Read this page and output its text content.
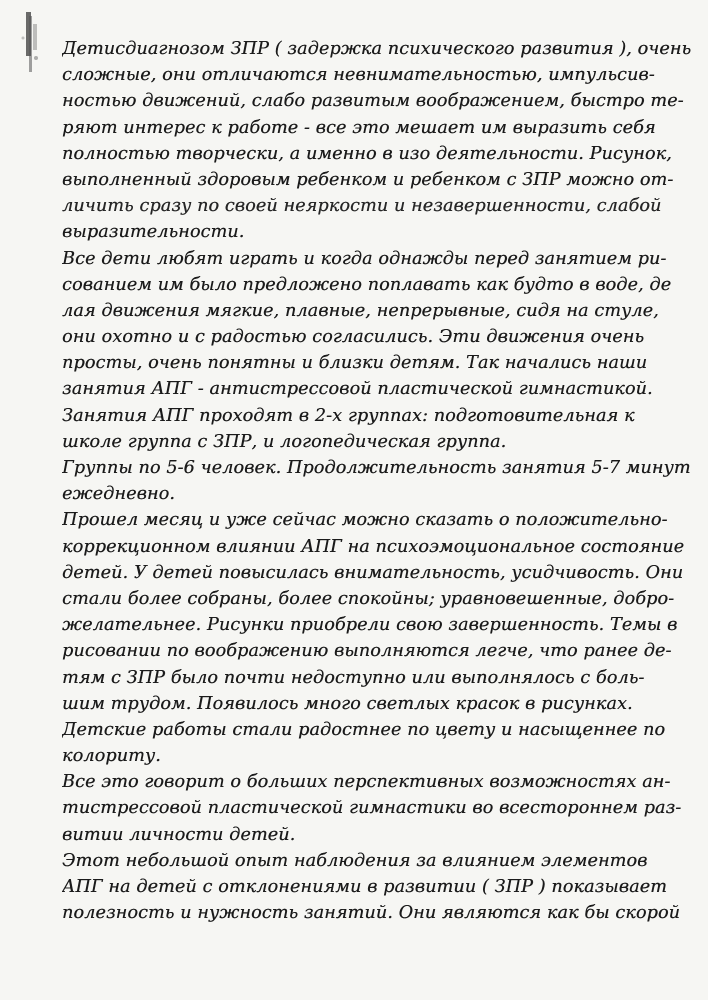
Детисдиагнозом ЗПР ( задержка психического развития ), очень
сложные, они отличаются невнимательностью, импульсив-
ностью движений, слабо развитым воображением, быстро те-
ряют интерес к работе - все это мешает им выразить себя
полностью творчески, а именно в изо деятельности. Рисунок,
выполненный здоровым ребенком и ребенком с ЗПР можно от-
личить сразу по своей неяркости и незавершенности, слабой
выразительности.
Все дети любят играть и когда однажды перед занятием ри-
сованием им было предложено поплавать как будто в воде, де
лая движения мягкие, плавные, непрерывные, сидя на стуле,
они охотно и с радостью согласились. Эти движения очень
просты, очень понятны и близки детям. Так начались наши
занятия АПГ - антистрессовой пластической гимнастикой.
Занятия АПГ проходят в 2-х группах: подготовительная к
школе группа с ЗПР, и логопедическая группа.
Группы по 5-6 человек. Продолжительность занятия 5-7 минут
ежедневно.
Прошел месяц и уже сейчас можно сказать о положительно-
коррекционном влиянии АПГ на психоэмоциональное состояние
детей. У детей повысилась внимательность, усидчивость. Они
стали более собраны, более спокойны; уравновешенные, добро-
желательнее. Рисунки приобрели свою завершенность. Темы в
рисовании по воображению выполняются легче, что ранее де-
тям с ЗПР было почти недоступно или выполнялось с боль-
шим трудом. Появилось много светлых красок в рисунках.
Детские работы стали радостнее по цвету и насыщеннее по
колориту.
Все это говорит о больших перспективных возможностях ан-
тистрессовой пластической гимнастики во всестороннем раз-
витии личности детей.
Этот небольшой опыт наблюдения за влиянием элементов
АПГ на детей с отклонениями в развитии ( ЗПР ) показывает
полезность и нужность занятий. Они являются как бы скорой
